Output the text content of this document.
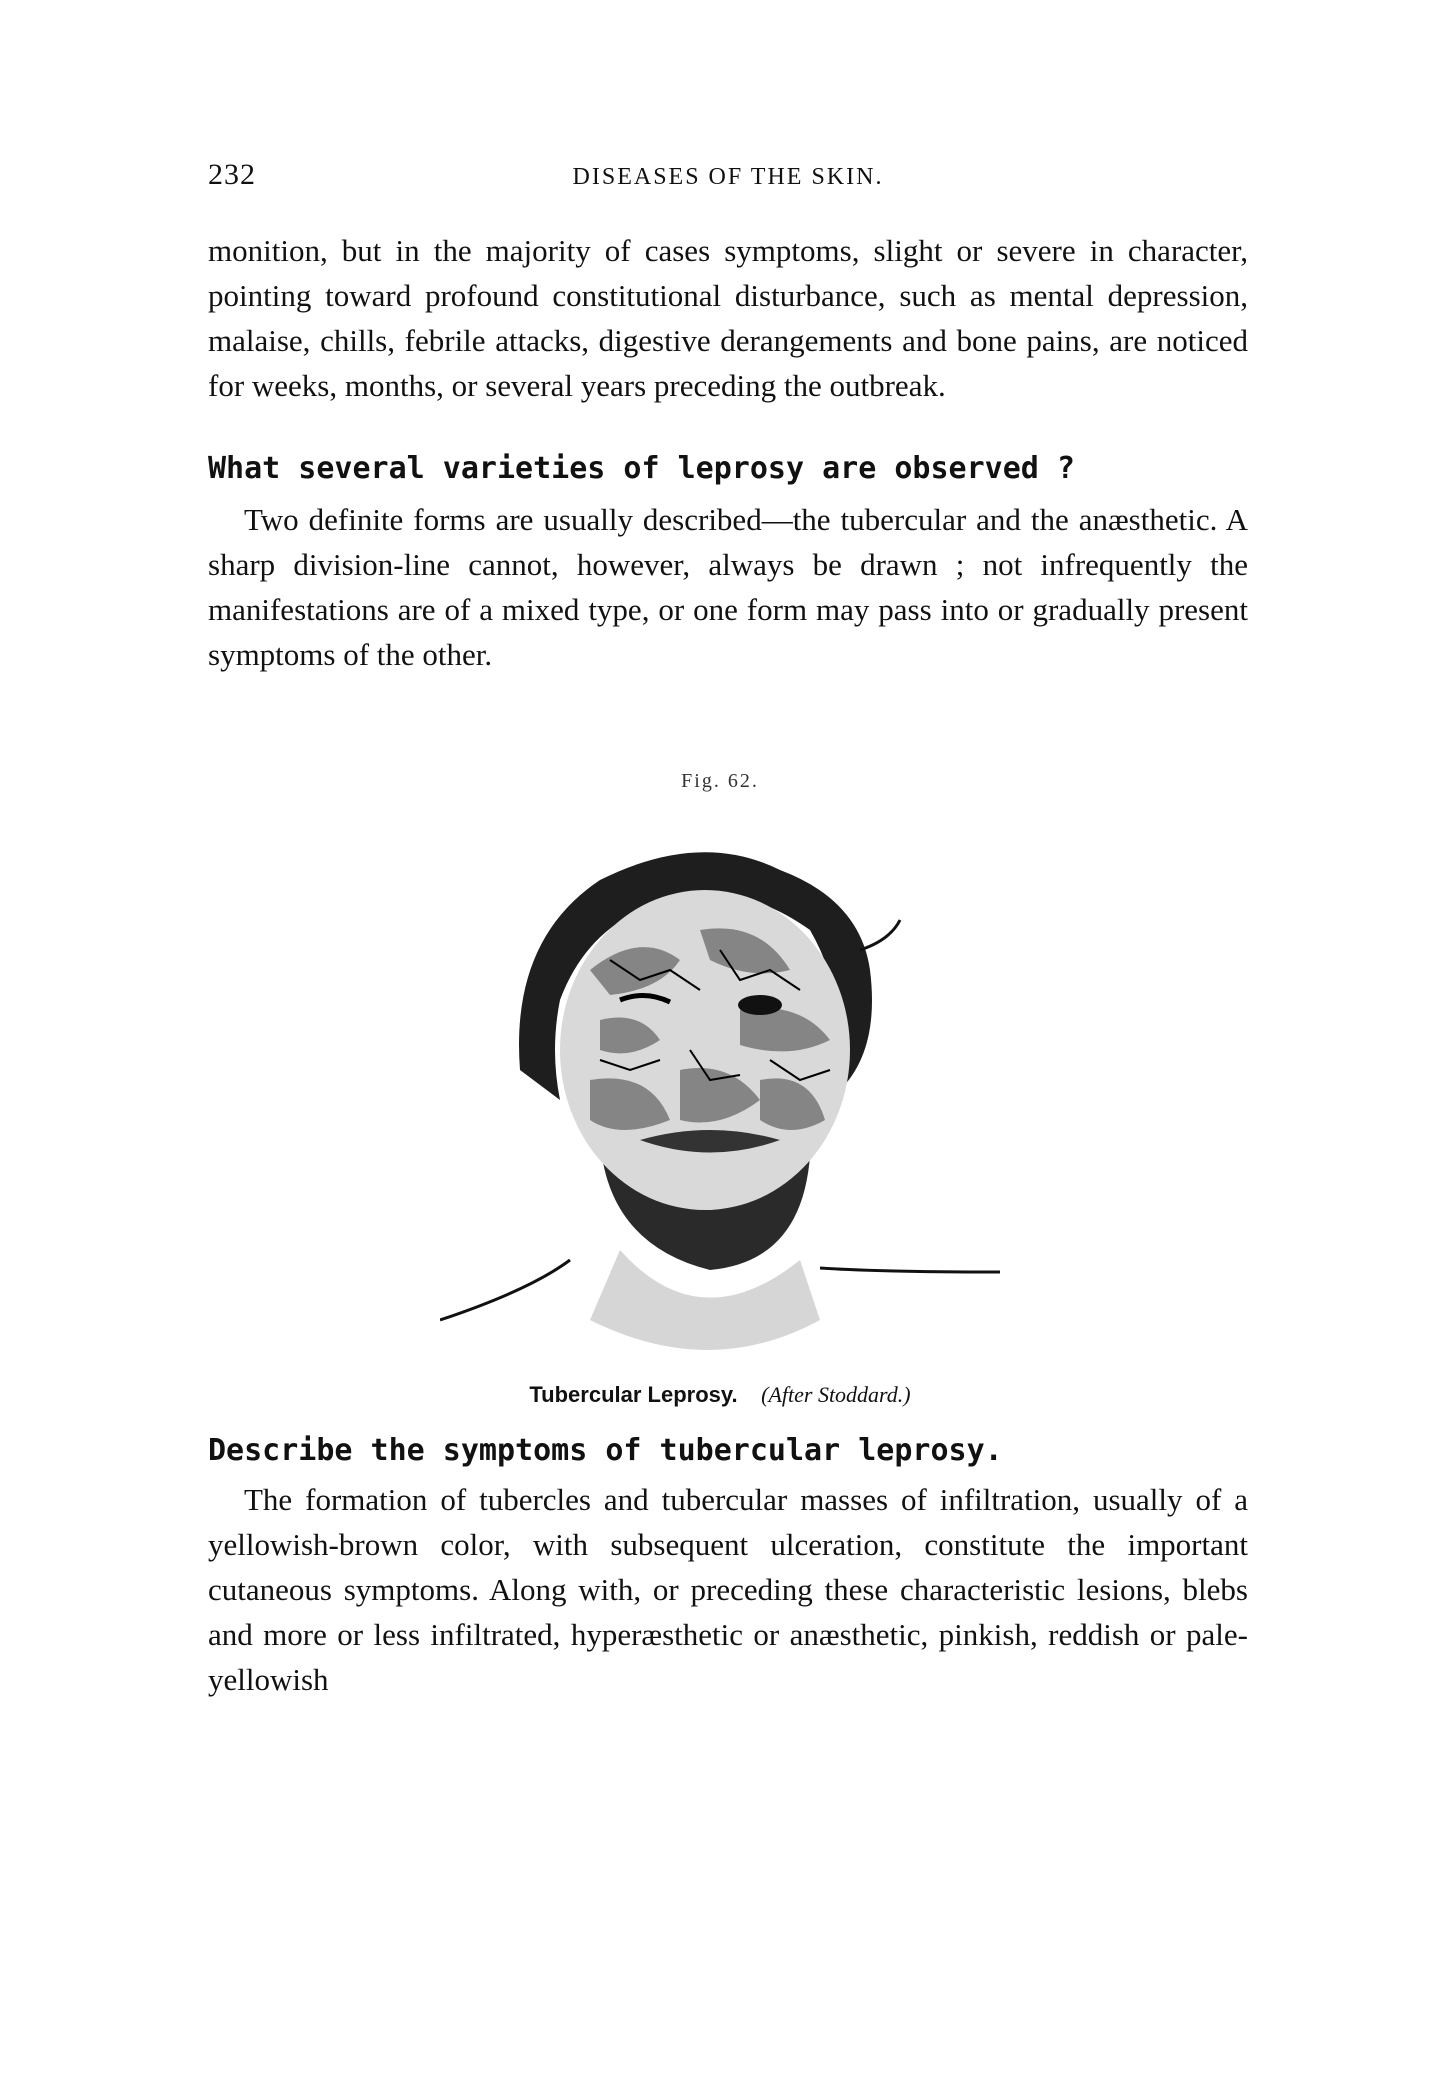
232	DISEASES OF THE SKIN.
monition, but in the majority of cases symptoms, slight or severe in character, pointing toward profound constitutional disturbance, such as mental depression, malaise, chills, febrile attacks, digestive derangements and bone pains, are noticed for weeks, months, or several years preceding the outbreak.
What several varieties of leprosy are observed ?
Two definite forms are usually described—the tubercular and the anæsthetic. A sharp division-line cannot, however, always be drawn ; not infrequently the manifestations are of a mixed type, or one form may pass into or gradually present symptoms of the other.
Fig. 62.
Tubercular Leprosy. (After Stoddard.)
Describe the symptoms of tubercular leprosy.
The formation of tubercles and tubercular masses of infiltration, usually of a yellowish-brown color, with subsequent ulceration, constitute the important cutaneous symptoms. Along with, or preceding these characteristic lesions, blebs and more or less infiltrated, hyperæsthetic or anæsthetic, pinkish, reddish or pale-yellowish
